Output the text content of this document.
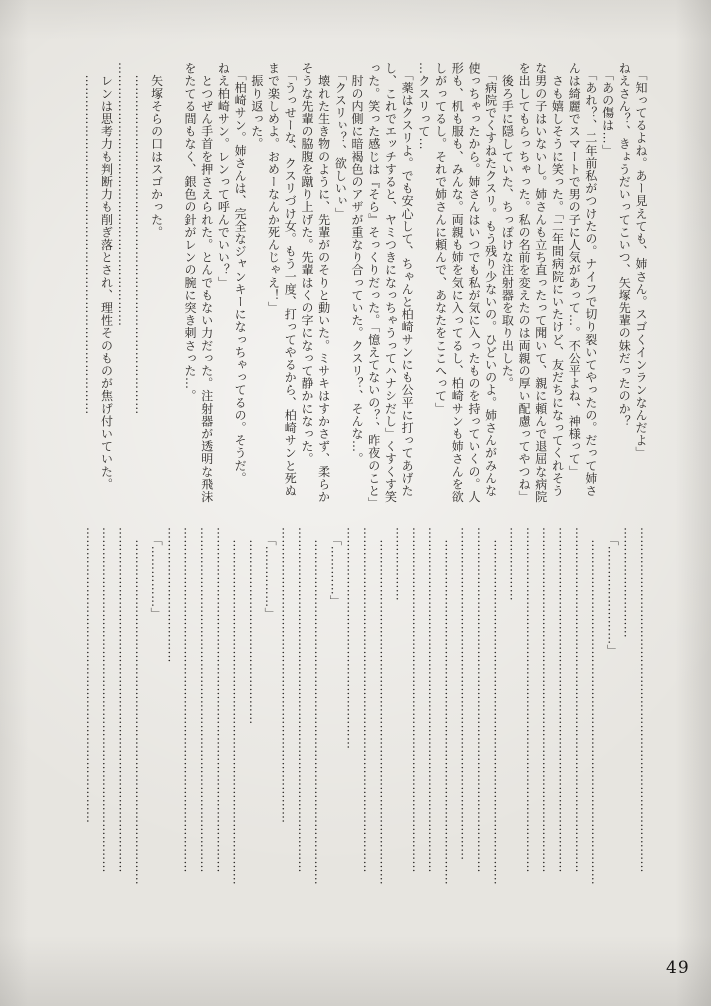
　「知ってるよね。あー見えても、姉さん。スゴくインランなんだよ」
ねえさん？、きょうだいってこいつ、矢塚先輩の妹だったのか？
　「あの傷は…」
　「あれ？、二年前私がつけたの。ナイフで切り裂いてやったの。だって姉さ
んは綺麗でスマートで男の子に人気があって…。不公平よね、神様って」
　さも嬉しそうに笑った。「二年間病院にいたけど、友だちになってくれそう
な男の子はいないし。姉さんも立ち直ったって聞いて、親に頼んで退屈な病院
を出してもらっちゃった。私の名前を変えたのは両親の厚い配慮ってやつね」
　後ろ手に隠していた、ちっぽけな注射器を取り出した。
　「病院でくすねたクスリ。もう残り少ないの。ひどいのよ。姉さんがみんな
使っちゃったから。姉さんはいつでも私が気に入ったものを持っていくの。人
形も、机も服も、みんな。両親も姉を気に入ってるし、柏崎サンも姉さんを欲
しがってるし。それで姉さんに頼んで、あなたをここへって」
…クスリって…
　「薬はクスリよ。でも安心して、ちゃんと柏崎サンにも公平に打ってあげた
し、これでエッチすると、ヤミつきになっちゃうってハナシだし」くすくす笑
った。笑った感じは『そら』そっくりだった。「憶えてないの？、昨夜のこと」
　肘の内側に暗褐色のアザが重なり合っていた。クスリ？、そんな…。
　「クスリぃ？、欲しいぃ」
　壊れた生き物のように、先輩がのそりと動いた。ミサキはすかさず、柔らか
そうな先輩の脇腹を蹴り上げた。先輩はくの字になって静かになった。
　「うっせーな、クスリづけ女。もう一度、打ってやるから、柏崎サンと死ぬ
まで楽しめよ。おめーなんか死んじゃえ！」
　振り返った。
　「柏崎サン。姉さんは、完全なジャンキーになっちゃってるの。そうだ。
ねえ柏崎サン。レンって呼んでいい？」
　とつぜん手首を押さえられた。とんでもない力だった。注射器が透明な飛沫
をたてる間もなく、銀色の針がレンの腕に突き刺さった…。

　矢塚そらの口はスゴかった。
　………………………………………………………………………
………………………………………………………
　レンは思考力も判断力も削ぎ落とされ、理性そのものが焦げ付いていた。
　………………………………………………………………………
…………………………………………………………………………
………………………
　「……………………」
　…………………………………………………………………………
…………………………………………………………………………
…………………………………………………………………………
…………………………………………………………………………
…………………………………………………………………………
………………
　…………………………………………………………………………
…………………………………………………………………………
………………………………………………………………………
　…………………………………………………………………………
…………………………………………………………………………
…………………………………………………………………………
………………
　…………………………………………………………………………
…………………………………………………………………………
………………………………………………
　「…………」
　…………………………………………………………………………
…………………………………………………………………………
………………………………………………………………
　「……………」
　………………………………………
　…………………………………………………………………………
…………………………………………………………………………
…………………………………………………………………………
…………………………………………………………………………
……………………………
　「……………」
　…………………………………………………………………………
…………………………………………………………………………
…………………………………………………………………………
………………………………………………………………
49
